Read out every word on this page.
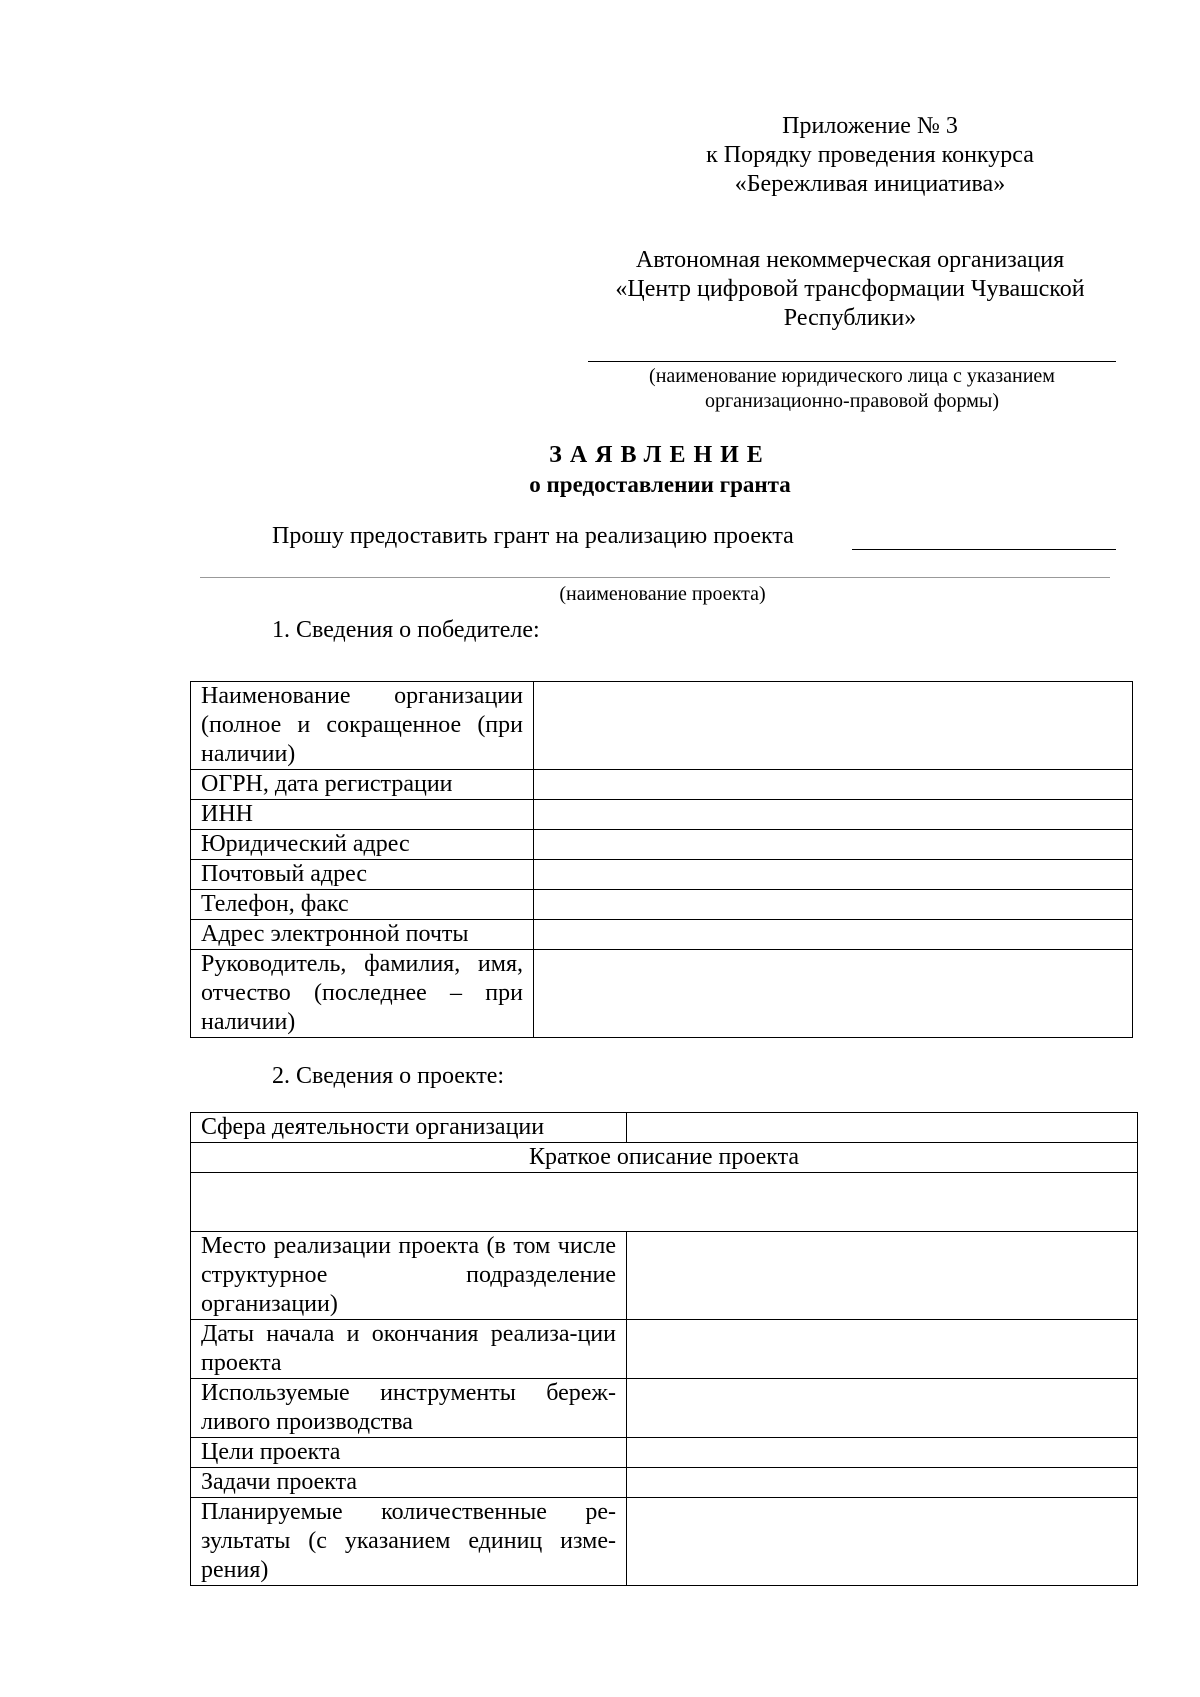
Приложение № 3
к Порядку проведения конкурса
«Бережливая инициатива»
Автономная некоммерческая организация
«Центр цифровой трансформации Чувашской
Республики»
(наименование юридического лица с указанием
организационно-правовой формы)
ЗАЯВЛЕНИЕ
о предоставлении гранта
Прошу предоставить грант на реализацию проекта
(наименование проекта)
1. Сведения о победителе:
Наименование организации (полное и сокращенное (при наличии)	
ОГРН, дата регистрации	
ИНН	
Юридический адрес	
Почтовый адрес	
Телефон, факс	
Адрес электронной почты	
Руководитель, фамилия, имя, отчество (последнее – при наличии)	
2. Сведения о проекте:
Сфера деятельности организации	
Краткое описание проекта	

Место реализации проекта (в том числе структурное подразделение организации)	
Даты начала и окончания реализа-ции проекта	
Используемые инструменты береж-ливого производства	
Цели проекта	
Задачи проекта	
Планируемые количественные ре-зультаты (с указанием единиц изме-рения)	
